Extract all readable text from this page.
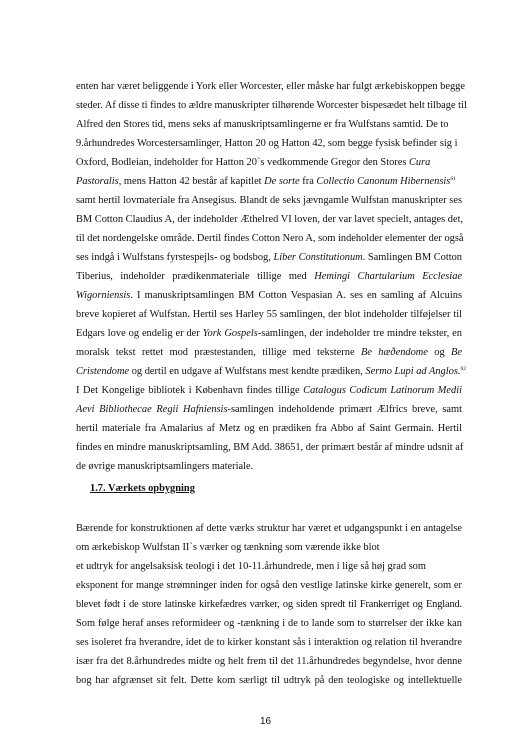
enten har været beliggende i York eller Worcester, eller måske har fulgt ærkebiskoppen begge
steder. Af disse ti findes to ældre manuskripter tilhørende Worcester bispesædet helt tilbage til
Alfred den Stores tid, mens seks af manuskriptsamlingerne er fra Wulfstans samtid. De to
9.århundredes Worcestersamlinger, Hatton 20 og Hatton 42, som begge fysisk befinder sig i
Oxford, Bodleian, indeholder for Hatton 20`s vedkommende Gregor den Stores Cura
Pastoralis, mens Hatton 42 består af kapitlet De sorte fra Collectio Canonum Hibernensis$^{61}$
samt hertil lovmateriale fra Ansegisus. Blandt de seks jævngamle Wulfstan manuskripter ses
BM Cotton Claudius A, der indeholder Æthelred VI loven, der var lavet specielt, antages det,
til det nordengelske område. Dertil findes Cotton Nero A, som indeholder elementer der også
ses indgå i Wulfstans fyrstespejls- og bodsbog, Liber Constitutionum. Samlingen BM Cotton
Tiberius, indeholder prædikenmateriale tillige med Hemingi Chartularium Ecclesiae
Wigorniensis. I manuskriptsamlingen BM Cotton Vespasian A. ses en samling af Alcuins
breve kopieret af Wulfstan. Hertil ses Harley 55 samlingen, der blot indeholder tilføjelser til
Edgars love og endelig er der York Gospels-samlingen, der indeholder tre mindre tekster, en
moralsk tekst rettet mod præstestanden, tillige med teksterne Be hæðendome og Be
Cristendome og dertil en udgave af Wulfstans mest kendte prædiken, Sermo Lupi ad Anglos.$^{62}$
I Det Kongelige bibliotek i København findes tillige Catalogus Codicum Latinorum Medii
Aevi Bibliothecae Regii Hafniensis-samlingen indeholdende primært Ælfrics breve, samt
hertil materiale fra Amalarius af Metz og en prædiken fra Abbo af Saint Germain. Hertil
findes en mindre manuskriptsamling, BM Add. 38651, der primært består af mindre udsnit af
de øvrige manuskriptsamlingers materiale.
1.7. Værkets opbygning
Bærende for konstruktionen af dette værks struktur har været et udgangspunkt i en antagelse
om ærkebiskop Wulfstan II`s værker og tænkning som værende ikke blot
et udtryk for angelsaksisk teologi i det 10-11.århundrede, men i lige så høj grad som
eksponent for mange strømninger inden for også den vestlige latinske kirke generelt, som er
blevet født i de store latinske kirkefædres værker, og siden spredt til Frankerriget og England.
Som følge heraf anses reformideer og -tænkning i de to lande som to størrelser der ikke kan
ses isoleret fra hverandre, idet de to kirker konstant sås i interaktion og relation til hverandre
især fra det 8.århundredes midte og helt frem til det 11.århundredes begyndelse, hvor denne
bog har afgrænset sit felt. Dette kom særligt til udtryk på den teologiske og intellektuelle
16
